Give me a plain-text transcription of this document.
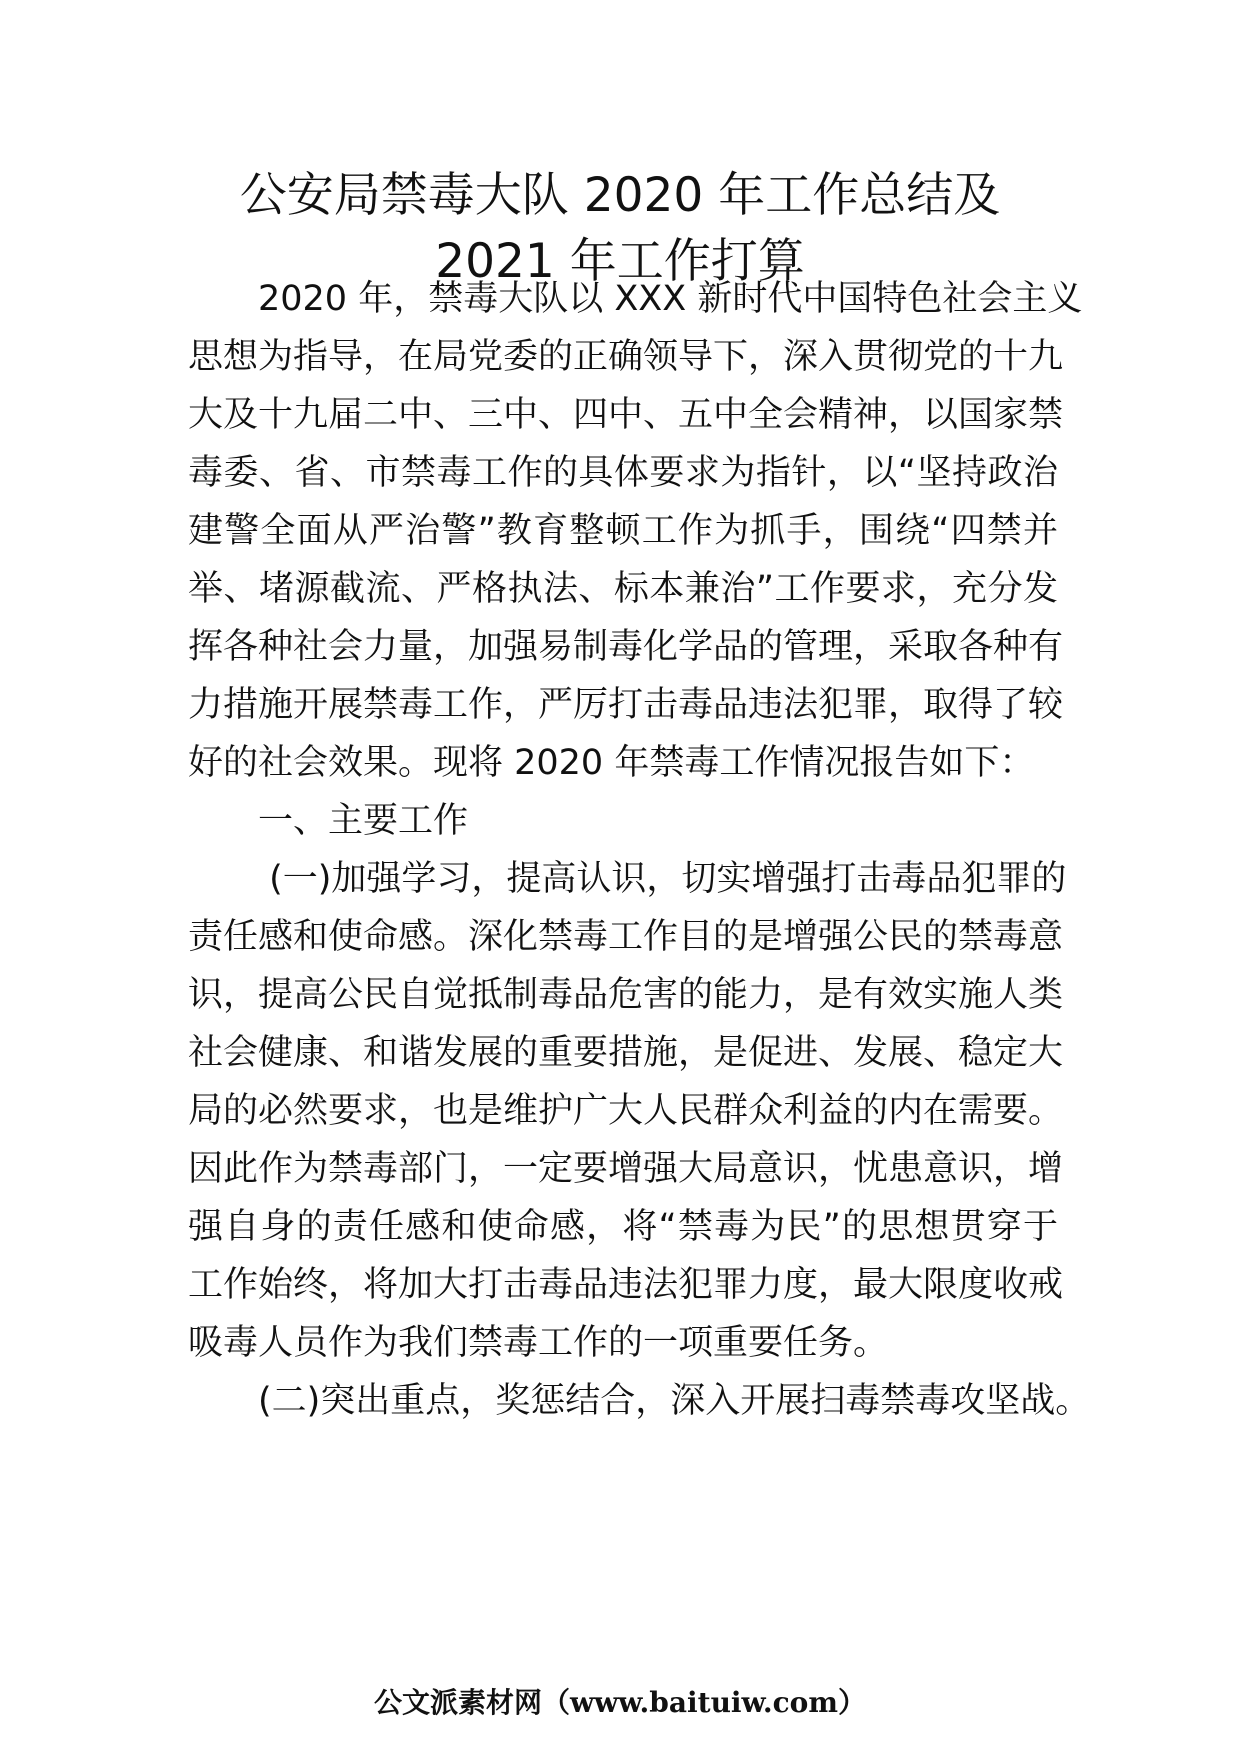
公安局禁毒大队 2020 年工作总结及
2021 年工作打算

　　2020 年，禁毒大队以 XXX 新时代中国特色社会主义

思想为指导，在局党委的正确领导下，深入贯彻党的十九

大及十九届二中、三中、四中、五中全会精神，以国家禁

毒委、省、市禁毒工作的具体要求为指针，以“坚持政治

建警全面从严治警”教育整顿工作为抓手，围绕“四禁并

举、堵源截流、严格执法、标本兼治”工作要求，充分发

挥各种社会力量，加强易制毒化学品的管理，采取各种有

力措施开展禁毒工作，严厉打击毒品违法犯罪，取得了较

好的社会效果。现将 2020 年禁毒工作情况报告如下：

　　一、主要工作

　　 (一)加强学习，提高认识，切实增强打击毒品犯罪的

责任感和使命感。深化禁毒工作目的是增强公民的禁毒意

识，提高公民自觉抵制毒品危害的能力，是有效实施人类

社会健康、和谐发展的重要措施，是促进、发展、稳定大

局的必然要求，也是维护广大人民群众利益的内在需要。

因此作为禁毒部门，一定要增强大局意识，忧患意识，增

强自身的责任感和使命感，将“禁毒为民”的思想贯穿于

工作始终，将加大打击毒品违法犯罪力度，最大限度收戒

吸毒人员作为我们禁毒工作的一项重要任务。

　　(二)突出重点，奖惩结合，深入开展扫毒禁毒攻坚战。

公文派素材网（www.baituiw.com）
